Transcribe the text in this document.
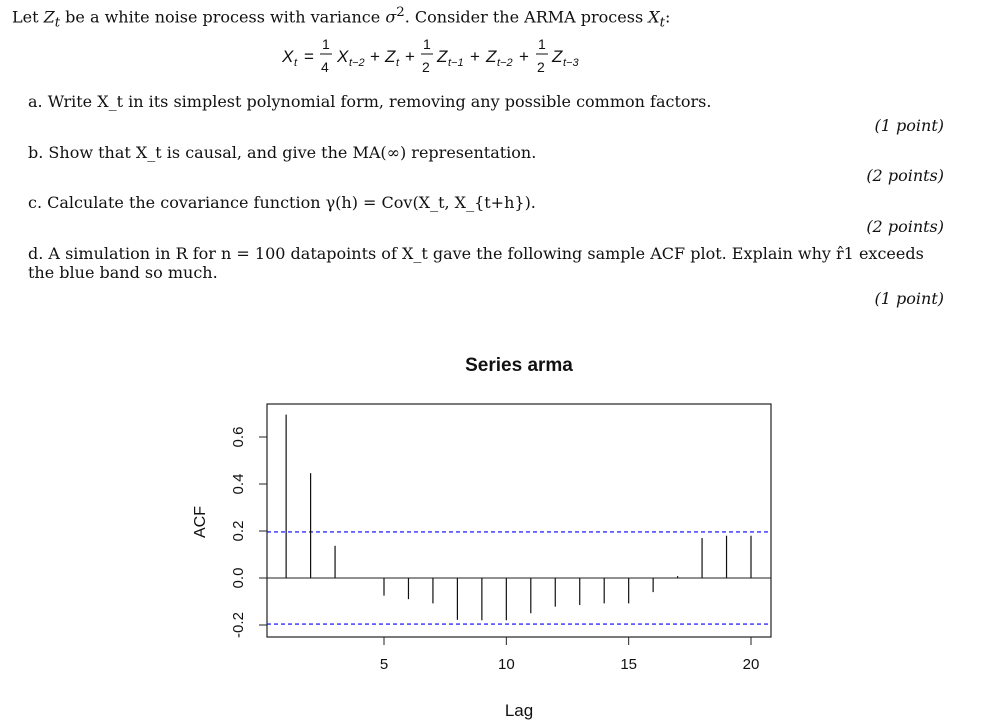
Let $Z_t$ be a white noise process with variance $\sigma^2$. Consider the ARMA process $X_t$:
X t =
1
4
X t−2 + Z t +
1
2
Z t−1 + Z t−2 +
1
2
Z t−3
a. Write X_t in its simplest polynomial form, removing any possible common factors.
(1 point)
b. Show that X_t is causal, and give the MA(∞) representation.
(2 points)
c. Calculate the covariance function γ(h) = Cov(X_t, X_{t+h}).
(2 points)
d. A simulation in R for n = 100 datapoints of X_t gave the following sample ACF plot. Explain why r̂1 exceeds the blue band so much.
(1 point)
Series arma
5	10	15	20
-0.2
0.0
0.2
0.4
0.6
Lag
ACF
